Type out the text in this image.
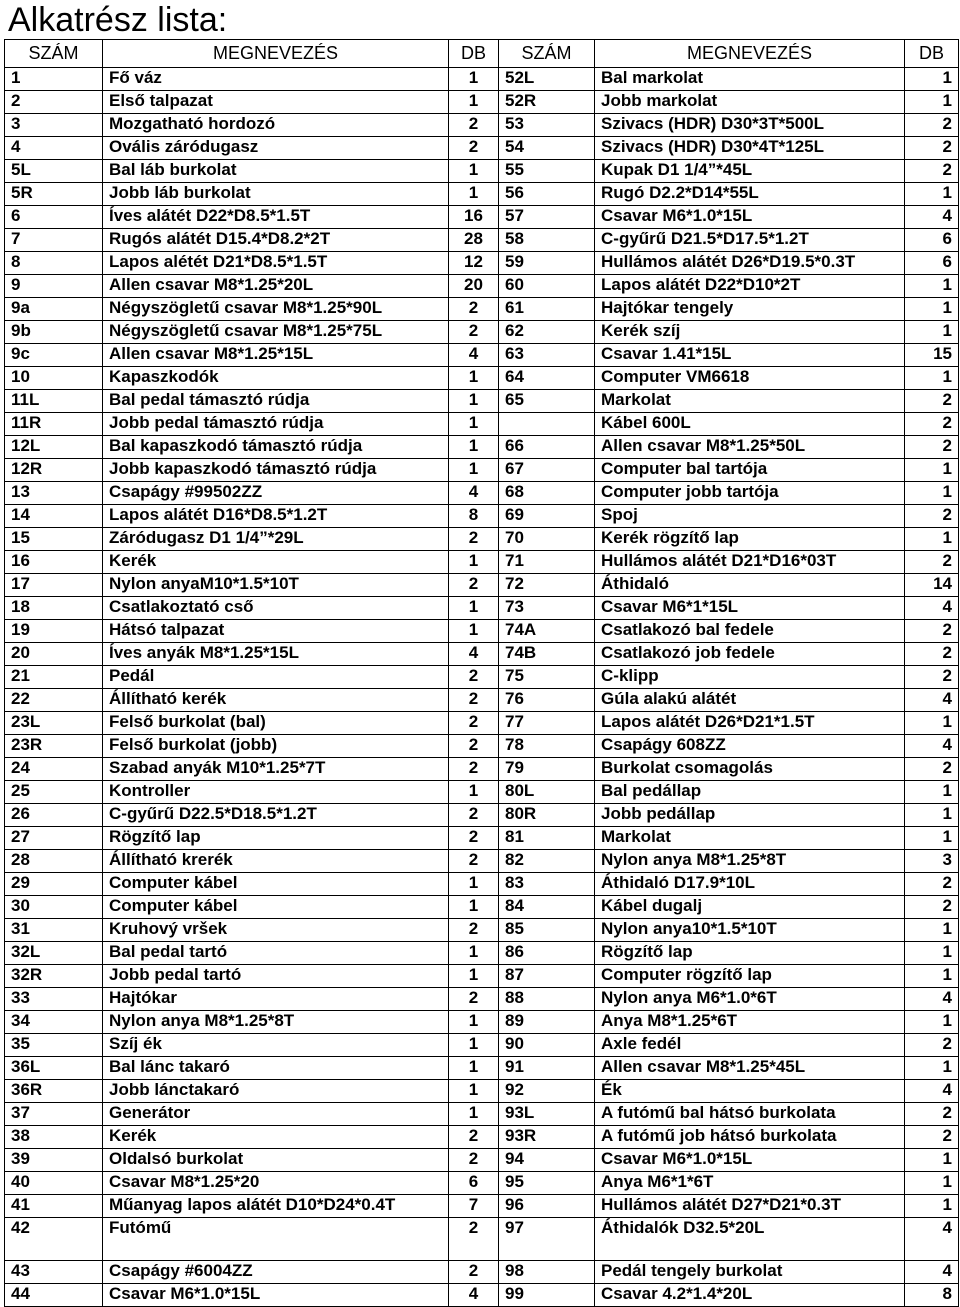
Alkatrész lista:
SZÁM	MEGNEVEZÉS	DB	SZÁM	MEGNEVEZÉS	DB
1	Fő váz	1	52L	Bal markolat	1
2	Első talpazat	1	52R	Jobb markolat	1
3	Mozgatható hordozó	2	53	Szivacs (HDR) D30*3T*500L	2
4	Ovális záródugasz	2	54	Szivacs (HDR) D30*4T*125L	2
5L	Bal láb burkolat	1	55	Kupak D1 1/4”*45L	2
5R	Jobb láb burkolat	1	56	Rugó D2.2*D14*55L	1
6	Íves alátét D22*D8.5*1.5T	16	57	Csavar M6*1.0*15L	4
7	Rugós alátét D15.4*D8.2*2T	28	58	C-gyűrű D21.5*D17.5*1.2T	6
8	Lapos alétét D21*D8.5*1.5T	12	59	Hullámos alátét D26*D19.5*0.3T	6
9	Allen csavar M8*1.25*20L	20	60	Lapos alátét D22*D10*2T	1
9a	Négyszögletű csavar M8*1.25*90L	2	61	Hajtókar tengely	1
9b	Négyszögletű csavar M8*1.25*75L	2	62	Kerék szíj	1
9c	Allen csavar M8*1.25*15L	4	63	Csavar 1.41*15L	15
10	Kapaszkodók	1	64	Computer VM6618	1
11L	Bal pedal támasztó rúdja	1	65	Markolat	2
11R	Jobb pedal támasztó rúdja	1		Kábel 600L	2
12L	Bal kapaszkodó támasztó rúdja	1	66	Allen csavar M8*1.25*50L	2
12R	Jobb kapaszkodó támasztó rúdja	1	67	Computer bal tartója	1
13	Csapágy #99502ZZ	4	68	Computer jobb tartója	1
14	Lapos alátét D16*D8.5*1.2T	8	69	Spoj	2
15	Záródugasz D1 1/4”*29L	2	70	Kerék rögzítő lap	1
16	Kerék	1	71	Hullámos alátét D21*D16*03T	2
17	Nylon anyaM10*1.5*10T	2	72	Áthidaló	14
18	Csatlakoztató cső	1	73	Csavar M6*1*15L	4
19	Hátsó talpazat	1	74A	Csatlakozó bal fedele	2
20	Íves anyák M8*1.25*15L	4	74B	Csatlakozó job fedele	2
21	Pedál	2	75	C-klipp	2
22	Állítható kerék	2	76	Gúla alakú alátét	4
23L	Felső burkolat (bal)	2	77	Lapos alátét D26*D21*1.5T	1
23R	Felső burkolat (jobb)	2	78	Csapágy 608ZZ	4
24	Szabad anyák M10*1.25*7T	2	79	Burkolat csomagolás	2
25	Kontroller	1	80L	Bal pedállap	1
26	C-gyűrű D22.5*D18.5*1.2T	2	80R	Jobb pedállap	1
27	Rögzítő lap	2	81	Markolat	1
28	Állítható krerék	2	82	Nylon anya M8*1.25*8T	3
29	Computer kábel	1	83	Áthidaló D17.9*10L	2
30	Computer kábel	1	84	Kábel dugalj	2
31	Kruhový vršek	2	85	Nylon anya10*1.5*10T	1
32L	Bal pedal tartó	1	86	Rögzítő lap	1
32R	Jobb pedal tartó	1	87	Computer rögzítő lap	1
33	Hajtókar	2	88	Nylon anya M6*1.0*6T	4
34	Nylon anya M8*1.25*8T	1	89	Anya M8*1.25*6T	1
35	Szíj ék	1	90	Axle fedél	2
36L	Bal lánc takaró	1	91	Allen csavar M8*1.25*45L	1
36R	Jobb lánctakaró	1	92	Ék	4
37	Generátor	1	93L	A futómű bal hátsó burkolata	2
38	Kerék	2	93R	A futómű job hátsó burkolata	2
39	Oldalsó burkolat	2	94	Csavar M6*1.0*15L	1
40	Csavar M8*1.25*20	6	95	Anya M6*1*6T	1
41	Műanyag lapos alátét D10*D24*0.4T	7	96	Hullámos alátét D27*D21*0.3T	1
42	Futómű	2	97	Áthidalók D32.5*20L	4
43	Csapágy #6004ZZ	2	98	Pedál tengely burkolat	4
44	Csavar M6*1.0*15L	4	99	Csavar 4.2*1.4*20L	8
